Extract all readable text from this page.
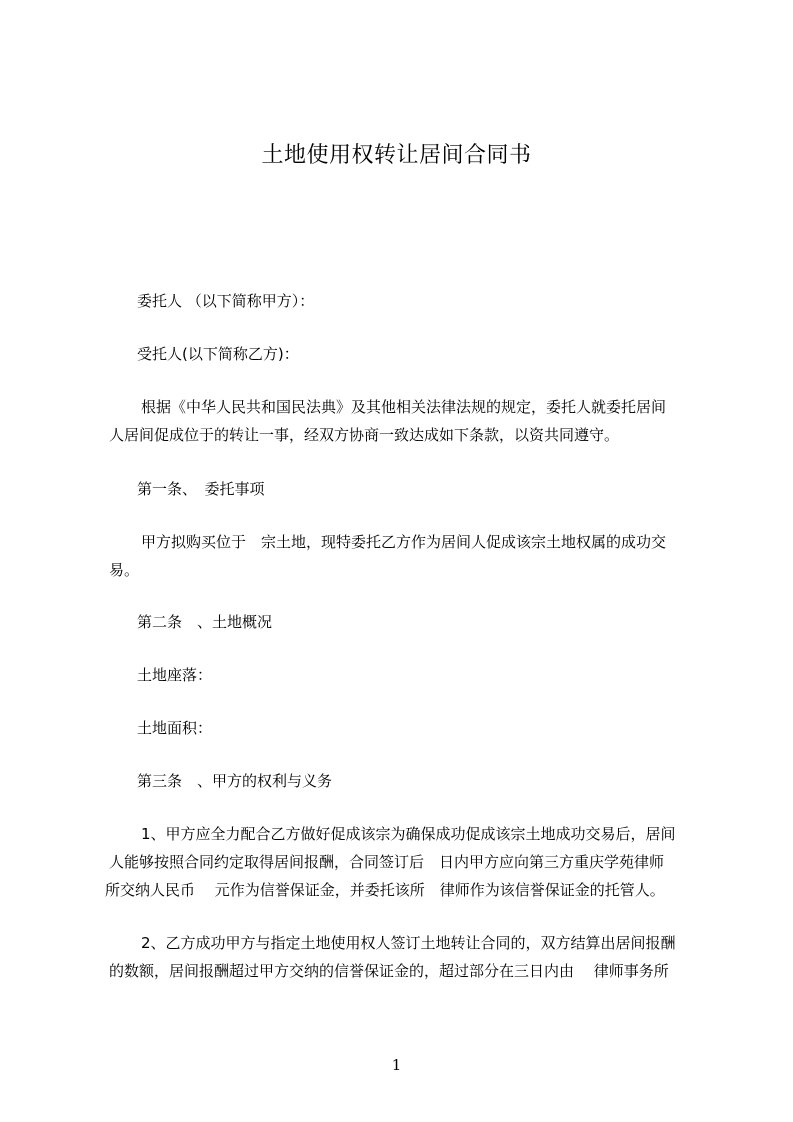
土地使用权转让居间合同书
委托人 （以下简称甲方）：
受托人(以下简称乙方)：
根据《中华人民共和国民法典》及其他相关法律法规的规定，委托人就委托居间
人居间促成位于的转让一事，经双方协商一致达成如下条款，以资共同遵守。
第一条、　委托事项
甲方拟购买位于　宗土地，现特委托乙方作为居间人促成该宗土地权属的成功交
易。
第二条　、土地概况
土地座落：
土地面积：
第三条　、甲方的权利与义务
1、甲方应全力配合乙方做好促成该宗为确保成功促成该宗土地成功交易后，居间
人能够按照合同约定取得居间报酬，合同签订后　日内甲方应向第三方重庆学苑律师
所交纳人民币　 元作为信誉保证金，并委托该所　律师作为该信誉保证金的托管人。
2、乙方成功甲方与指定土地使用权人签订土地转让合同的，双方结算出居间报酬
的数额，居间报酬超过甲方交纳的信誉保证金的，超过部分在三日内由　 律师事务所
1
